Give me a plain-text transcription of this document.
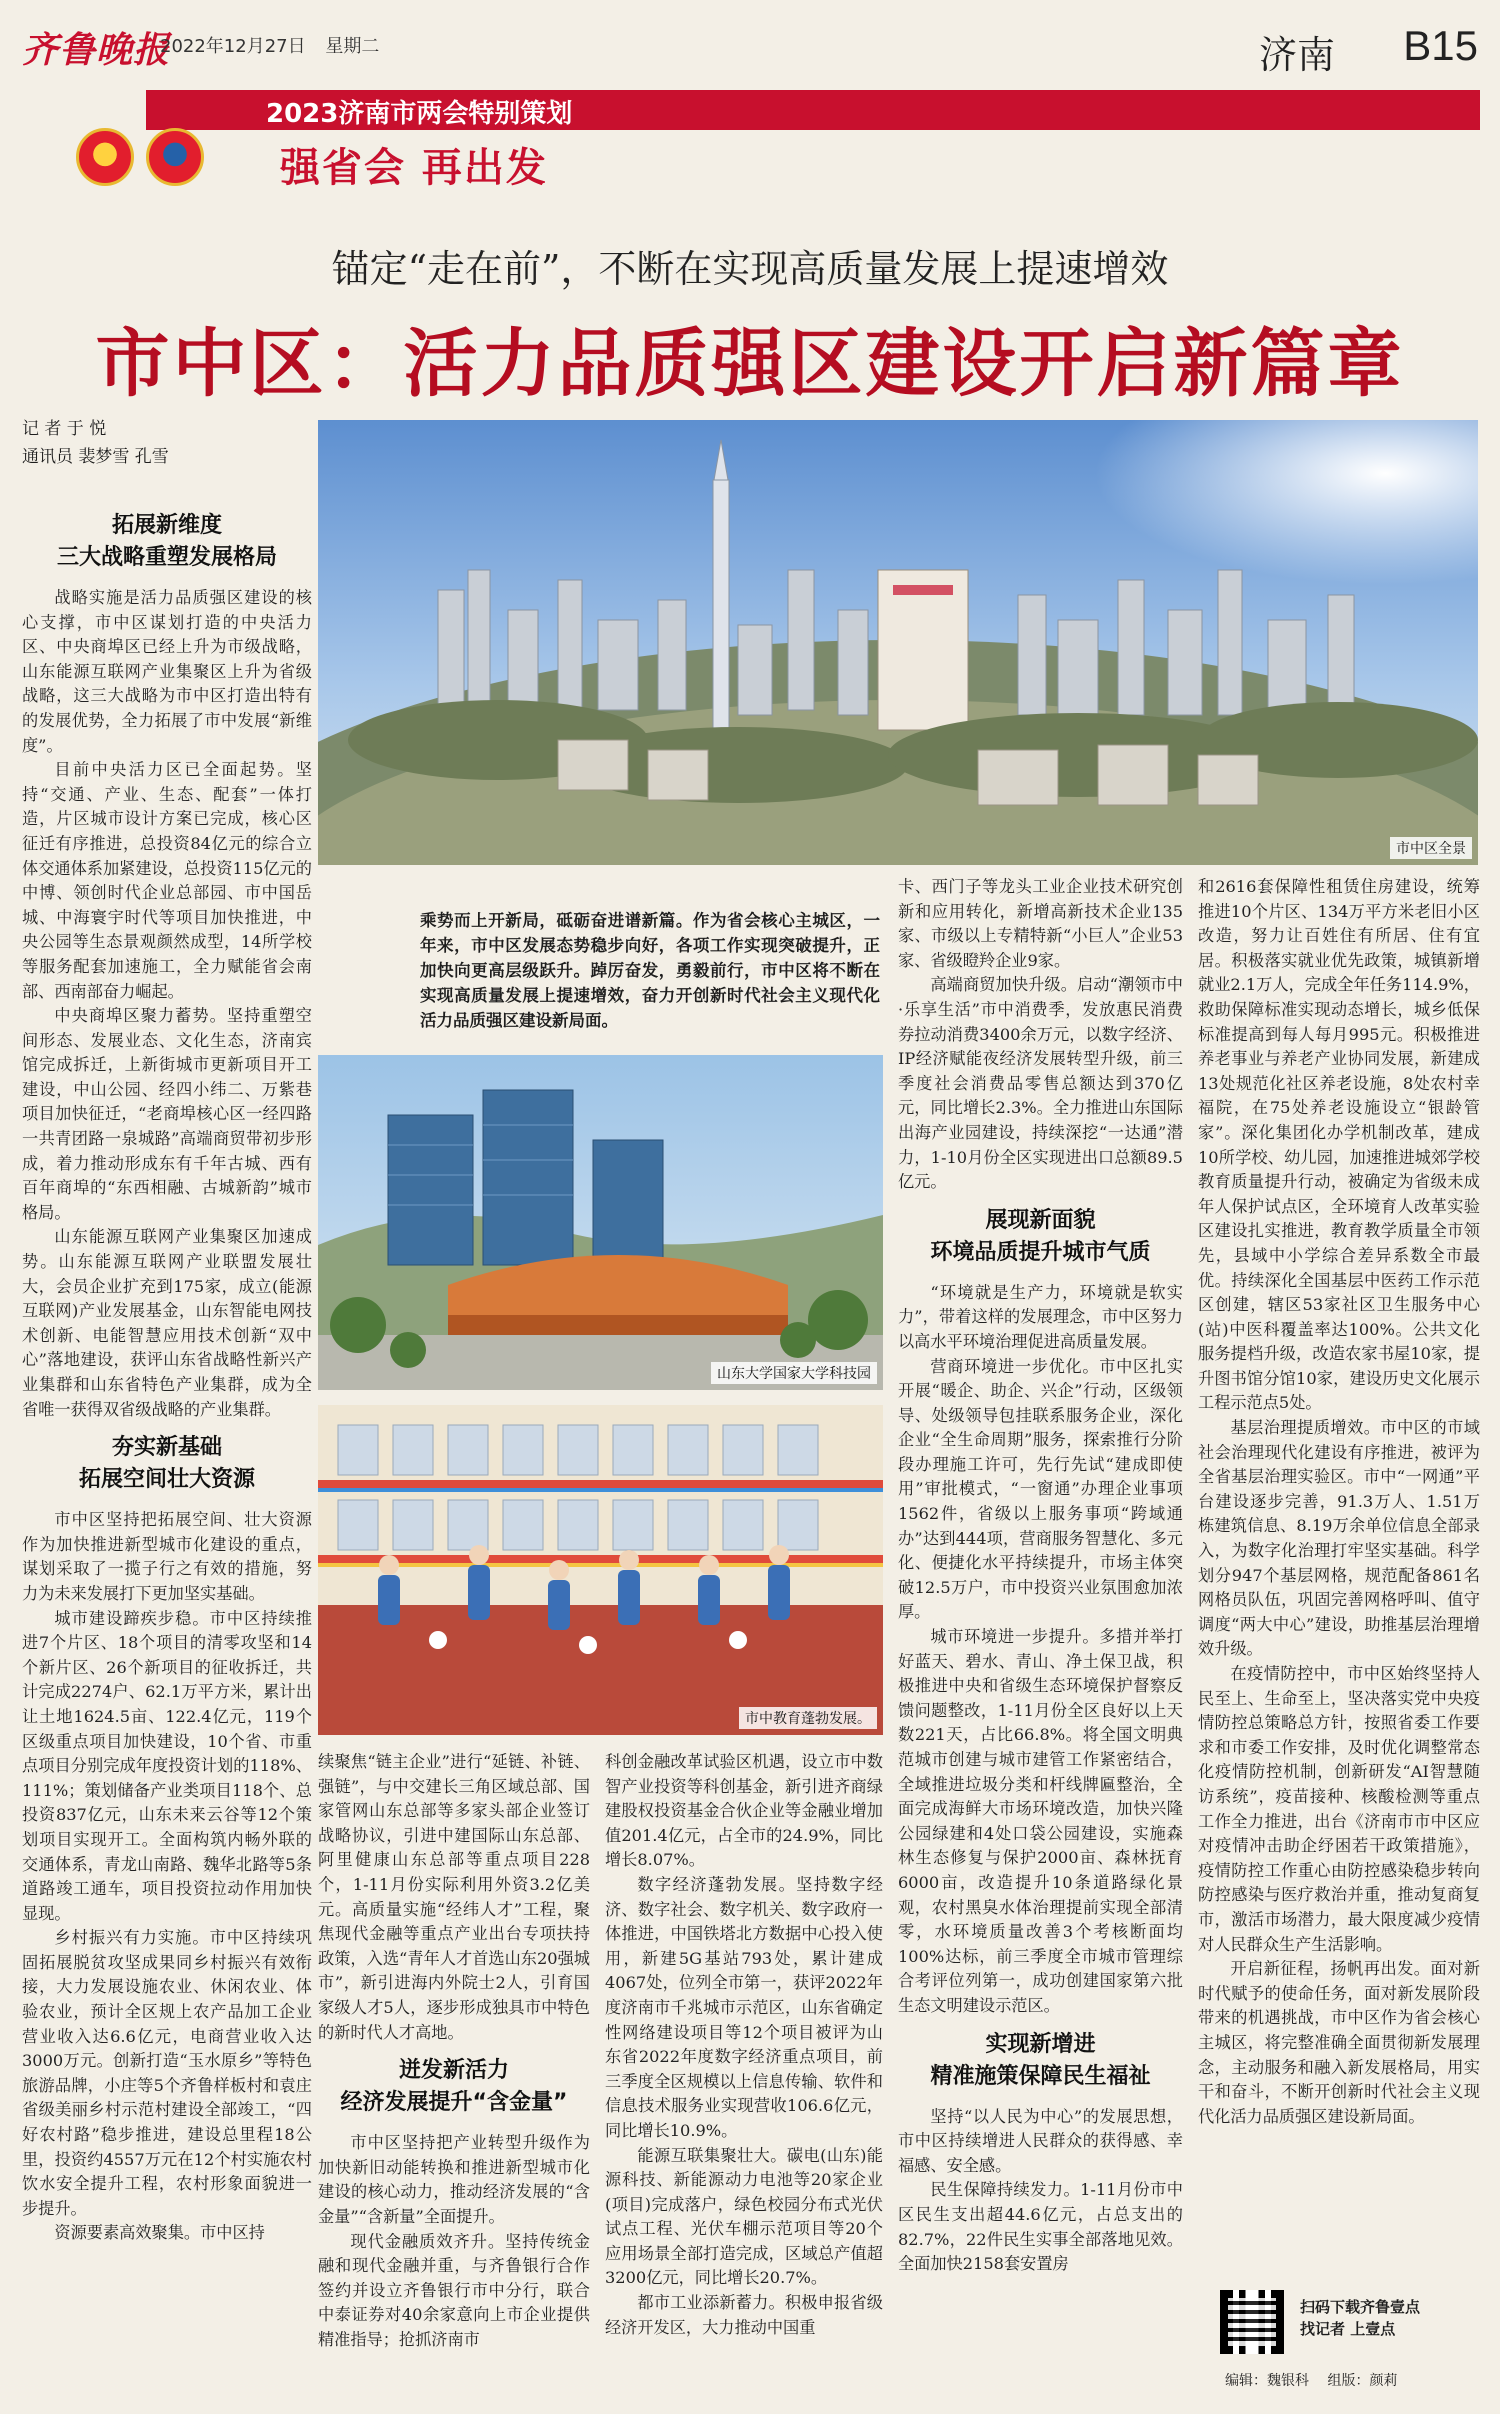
齐鲁晚报
2022年12月27日 星期二	济南 B15
2023济南市两会特别策划
强省会 再出发
锚定“走在前”，不断在实现高质量发展上提速增效
市中区：活力品质强区建设开启新篇章
记 者 于 悦
通讯员 裴梦雪 孔雪
市中区全景
山东大学国家大学科技园
市中教育蓬勃发展。
乘势而上开新局，砥砺奋进谱新篇。作为省会核心主城区，一年来，市中区发展态势稳步向好，各项工作实现突破提升，正加快向更高层级跃升。踔厉奋发，勇毅前行，市中区将不断在实现高质量发展上提速增效，奋力开创新时代社会主义现代化活力品质强区建设新局面。
拓展新维度
三大战略重塑发展格局

战略实施是活力品质强区建设的核心支撑，市中区谋划打造的中央活力区、中央商埠区已经上升为市级战略，山东能源互联网产业集聚区上升为省级战略，这三大战略为市中区打造出特有的发展优势，全力拓展了市中发展“新维度”。

目前中央活力区已全面起势。坚持“交通、产业、生态、配套”一体打造，片区城市设计方案已完成，核心区征迁有序推进，总投资84亿元的综合立体交通体系加紧建设，总投资115亿元的中博、领创时代企业总部园、市中国岳城、中海寰宇时代等项目加快推进，中央公园等生态景观颜然成型，14所学校等服务配套加速施工，全力赋能省会南部、西南部奋力崛起。

中央商埠区聚力蓄势。坚持重塑空间形态、发展业态、文化生态，济南宾馆完成拆迁，上新街城市更新项目开工建设，中山公园、经四小纬二、万紫巷项目加快征迁，“老商埠核心区一经四路一共青团路一泉城路”高端商贸带初步形成，着力推动形成东有千年古城、西有百年商埠的“东西相融、古城新韵”城市格局。

山东能源互联网产业集聚区加速成势。山东能源互联网产业联盟发展壮大，会员企业扩充到175家，成立(能源互联网)产业发展基金，山东智能电网技术创新、电能智慧应用技术创新“双中心”落地建设，获评山东省战略性新兴产业集群和山东省特色产业集群，成为全省唯一获得双省级战略的产业集群。

夯实新基础
拓展空间壮大资源

市中区坚持把拓展空间、壮大资源作为加快推进新型城市化建设的重点，谋划采取了一揽子行之有效的措施，努力为未来发展打下更加坚实基础。

城市建设蹄疾步稳。市中区持续推进7个片区、18个项目的清零攻坚和14个新片区、26个新项目的征收拆迁，共计完成2274户、62.1万平方米，累计出让土地1624.5亩、122.4亿元，119个区级重点项目加快建设，10个省、市重点项目分别完成年度投资计划的118%、111%；策划储备产业类项目118个、总投资837亿元，山东未来云谷等12个策划项目实现开工。全面构筑内畅外联的交通体系，青龙山南路、魏华北路等5条道路竣工通车，项目投资拉动作用加快显现。

乡村振兴有力实施。市中区持续巩固拓展脱贫攻坚成果同乡村振兴有效衔接，大力发展设施农业、休闲农业、体验农业，预计全区规上农产品加工企业营业收入达6.6亿元，电商营业收入达3000万元。创新打造“玉水原乡”等特色旅游品牌，小庄等5个齐鲁样板村和袁庄省级美丽乡村示范村建设全部竣工，“四好农村路”稳步推进，建设总里程18公里，投资约4557万元在12个村实施农村饮水安全提升工程，农村形象面貌进一步提升。

资源要素高效聚集。市中区持

续聚焦“链主企业”进行“延链、补链、强链”，与中交建长三角区域总部、国家管网山东总部等多家头部企业签订战略协议，引进中建国际山东总部、阿里健康山东总部等重点项目228个，1-11月份实际利用外资3.2亿美元。高质量实施“经纬人才”工程，聚焦现代金融等重点产业出台专项扶持政策，入选“青年人才首选山东20强城市”，新引进海内外院士2人，引育国家级人才5人，逐步形成独具市中特色的新时代人才高地。

迸发新活力
经济发展提升“含金量”

市中区坚持把产业转型升级作为加快新旧动能转换和推进新型城市化建设的核心动力，推动经济发展的“含金量”“含新量”全面提升。

现代金融质效齐升。坚持传统金融和现代金融并重，与齐鲁银行合作签约并设立齐鲁银行市中分行，联合中泰证券对40余家意向上市企业提供精准指导；抢抓济南市

科创金融改革试验区机遇，设立市中数智产业投资等科创基金，新引进齐商绿建股权投资基金合伙企业等金融业增加值201.4亿元，占全市的24.9%，同比增长8.07%。

数字经济蓬勃发展。坚持数字经济、数字社会、数字机关、数字政府一体推进，中国铁塔北方数据中心投入使用，新建5G基站793处，累计建成4067处，位列全市第一，获评2022年度济南市千兆城市示范区，山东省确定性网络建设项目等12个项目被评为山东省2022年度数字经济重点项目，前三季度全区规模以上信息传输、软件和信息技术服务业实现营收106.6亿元，同比增长10.9%。

能源互联集聚壮大。碳电(山东)能源科技、新能源动力电池等20家企业(项目)完成落户，绿色校园分布式光伏试点工程、光伏车棚示范项目等20个应用场景全部打造完成，区域总产值超3200亿元，同比增长20.7%。

都市工业添新蓄力。积极申报省级经济开发区，大力推动中国重

卡、西门子等龙头工业企业技术研究创新和应用转化，新增高新技术企业135家、市级以上专精特新“小巨人”企业53家、省级瞪羚企业9家。

高端商贸加快升级。启动“潮领市中·乐享生活”市中消费季，发放惠民消费券拉动消费3400余万元，以数字经济、IP经济赋能夜经济发展转型升级，前三季度社会消费品零售总额达到370亿元，同比增长2.3%。全力推进山东国际出海产业园建设，持续深挖“一达通”潜力，1-10月份全区实现进出口总额89.5亿元。

展现新面貌
环境品质提升城市气质

“环境就是生产力，环境就是软实力”，带着这样的发展理念，市中区努力以高水平环境治理促进高质量发展。

营商环境进一步优化。市中区扎实开展“暖企、助企、兴企”行动，区级领导、处级领导包挂联系服务企业，深化企业“全生命周期”服务，探索推行分阶段办理施工许可，先行先试“建成即使用”审批模式，“一窗通”办理企业事项1562件，省级以上服务事项“跨域通办”达到444项，营商服务智慧化、多元化、便捷化水平持续提升，市场主体突破12.5万户，市中投资兴业氛围愈加浓厚。

城市环境进一步提升。多措并举打好蓝天、碧水、青山、净土保卫战，积极推进中央和省级生态环境保护督察反馈问题整改，1-11月份全区良好以上天数221天，占比66.8%。将全国文明典范城市创建与城市建管工作紧密结合，全域推进垃圾分类和杆线牌匾整治，全面完成海鲜大市场环境改造，加快兴隆公园绿建和4处口袋公园建设，实施森林生态修复与保护2000亩、森林抚育6000亩，改造提升10条道路绿化景观，农村黑臭水体治理提前实现全部清零，水环境质量改善3个考核断面均100%达标，前三季度全市城市管理综合考评位列第一，成功创建国家第六批生态文明建设示范区。

实现新增进
精准施策保障民生福祉

坚持“以人民为中心”的发展思想，市中区持续增进人民群众的获得感、幸福感、安全感。

民生保障持续发力。1-11月份市中区民生支出超44.6亿元，占总支出的82.7%，22件民生实事全部落地见效。全面加快2158套安置房

和2616套保障性租赁住房建设，统筹推进10个片区、134万平方米老旧小区改造，努力让百姓住有所居、住有宜居。积极落实就业优先政策，城镇新增就业2.1万人，完成全年任务114.9%，救助保障标准实现动态增长，城乡低保标准提高到每人每月995元。积极推进养老事业与养老产业协同发展，新建成13处规范化社区养老设施，8处农村幸福院，在75处养老设施设立“银龄管家”。深化集团化办学机制改革，建成10所学校、幼儿园，加速推进城郊学校教育质量提升行动，被确定为省级未成年人保护试点区，全环境育人改革实验区建设扎实推进，教育教学质量全市领先，县域中小学综合差异系数全市最优。持续深化全国基层中医药工作示范区创建，辖区53家社区卫生服务中心(站)中医科覆盖率达100%。公共文化服务提档升级，改造农家书屋10家，提升图书馆分馆10家，建设历史文化展示工程示范点5处。

基层治理提质增效。市中区的市域社会治理现代化建设有序推进，被评为全省基层治理实验区。市中“一网通”平台建设逐步完善，91.3万人、1.51万栋建筑信息、8.19万余单位信息全部录入，为数字化治理打牢坚实基础。科学划分947个基层网格，规范配备861名网格员队伍，巩固完善网格呼叫、值守调度“两大中心”建设，助推基层治理增效升级。

在疫情防控中，市中区始终坚持人民至上、生命至上，坚决落实党中央疫情防控总策略总方针，按照省委工作要求和市委工作安排，及时优化调整常态化疫情防控机制，创新研发“AI智慧随访系统”，疫苗接种、核酸检测等重点工作全力推进，出台《济南市市中区应对疫情冲击助企纾困若干政策措施》，疫情防控工作重心由防控感染稳步转向防控感染与医疗救治并重，推动复商复市，激活市场潜力，最大限度减少疫情对人民群众生产生活影响。

开启新征程，扬帆再出发。面对新时代赋予的使命任务，面对新发展阶段带来的机遇挑战，市中区作为省会核心主城区，将完整准确全面贯彻新发展理念，主动服务和融入新发展格局，用实干和奋斗，不断开创新时代社会主义现代化活力品质强区建设新局面。

扫码下载齐鲁壹点
找记者 上壹点
编辑：魏银科 组版：颜莉
